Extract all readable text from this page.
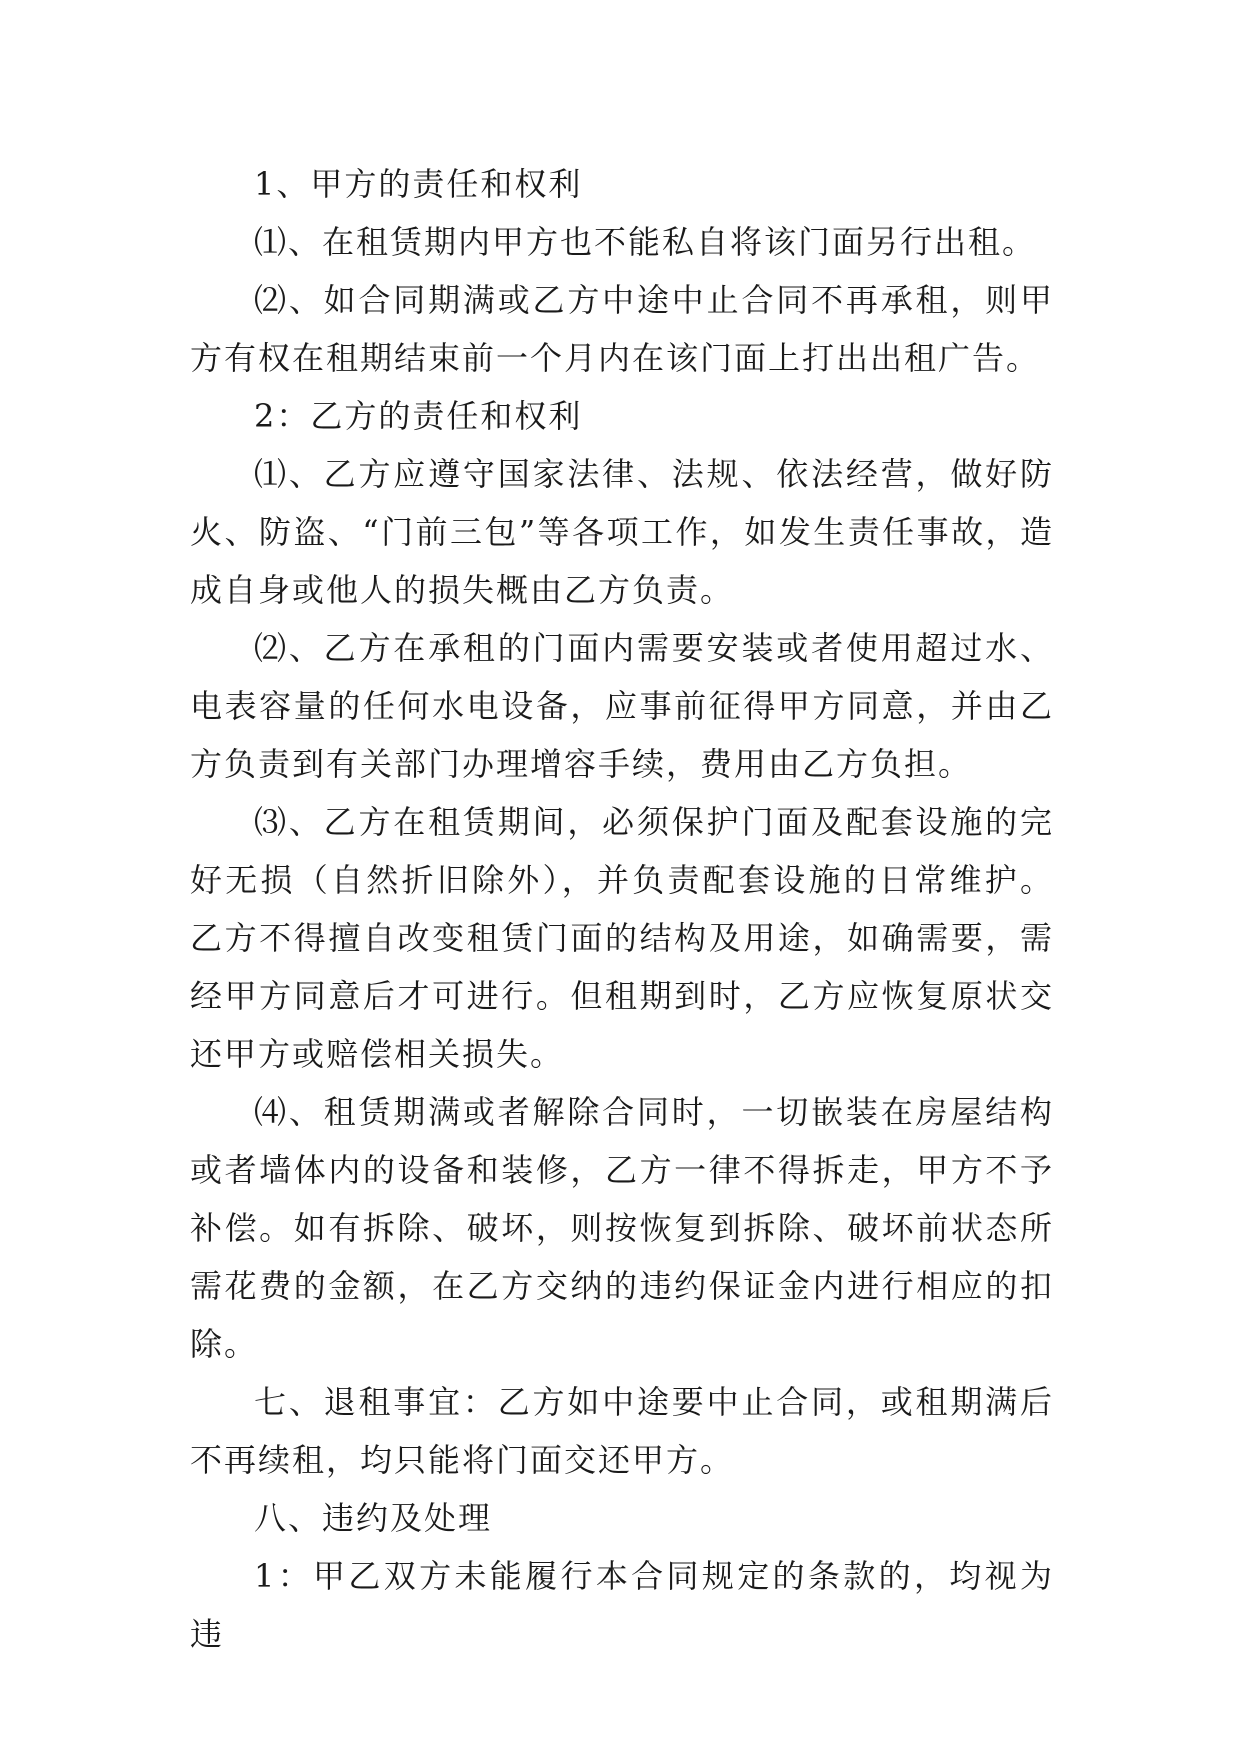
1、甲方的责任和权利

⑴、在租赁期内甲方也不能私自将该门面另行出租。

⑵、如合同期满或乙方中途中止合同不再承租，则甲方有权在租期结束前一个月内在该门面上打出出租广告。

2：乙方的责任和权利

⑴、乙方应遵守国家法律、法规、依法经营，做好防火、防盗、“门前三包”等各项工作，如发生责任事故，造成自身或他人的损失概由乙方负责。

⑵、乙方在承租的门面内需要安装或者使用超过水、电表容量的任何水电设备，应事前征得甲方同意，并由乙方负责到有关部门办理增容手续，费用由乙方负担。

⑶、乙方在租赁期间，必须保护门面及配套设施的完好无损（自然折旧除外），并负责配套设施的日常维护。乙方不得擅自改变租赁门面的结构及用途，如确需要，需经甲方同意后才可进行。但租期到时，乙方应恢复原状交还甲方或赔偿相关损失。

⑷、租赁期满或者解除合同时，一切嵌装在房屋结构或者墙体内的设备和装修，乙方一律不得拆走，甲方不予补偿。如有拆除、破坏，则按恢复到拆除、破坏前状态所需花费的金额，在乙方交纳的违约保证金内进行相应的扣除。

七、退租事宜：乙方如中途要中止合同，或租期满后不再续租，均只能将门面交还甲方。

八、违约及处理

1：甲乙双方未能履行本合同规定的条款的，均视为违
